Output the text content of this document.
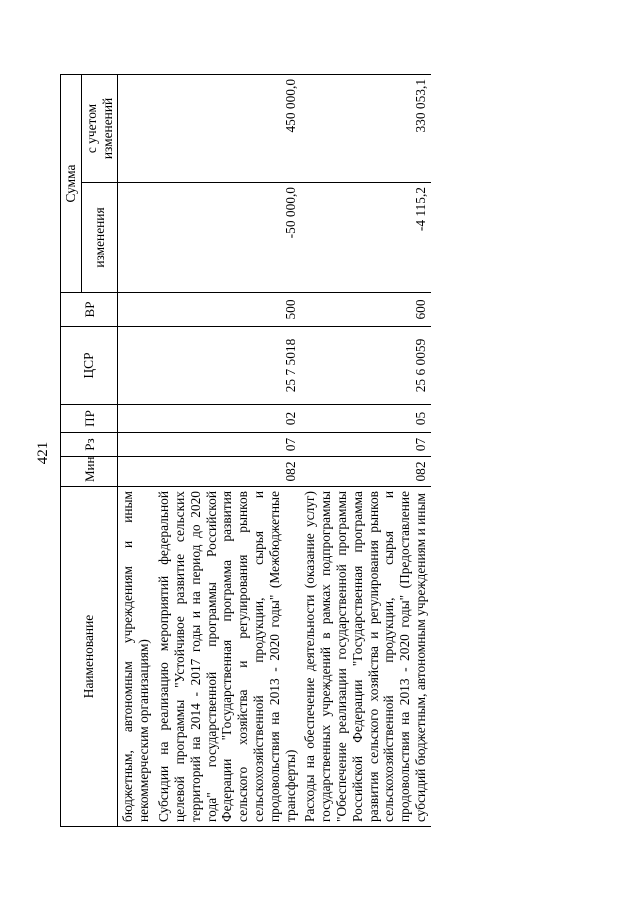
421
Наименование	Мин	Рз	ПР	ЦСР	ВР	Сумма	
						изменения	с учетом изменений
бюджетным, автономным учреждениям и иным некоммерческим организациям)							
Субсидии на реализацию мероприятий федеральной целевой программы "Устойчивое развитие сельских территорий на 2014 - 2017 годы и на период до 2020 года" государственной программы Российской Федерации "Государственная программа развития сельского хозяйства и регулирования рынков сельскохозяйственной продукции, сырья и продовольствия на 2013 - 2020 годы" (Межбюджетные трансферты)	082	07	02	25 7 5018	500	-50 000,0	450 000,0
Расходы на обеспечение деятельности (оказание услуг) государственных учреждений в рамках подпрограммы "Обеспечение реализации государственной программы Российской Федерации "Государственная программа развития сельского хозяйства и регулирования рынков сельскохозяйственной продукции, сырья и продовольствия на 2013 - 2020 годы" (Предоставление субсидий бюджетным, автономным учреждениям и иным	082	07	05	25 6 0059	600	-4 115,2	330 053,1
